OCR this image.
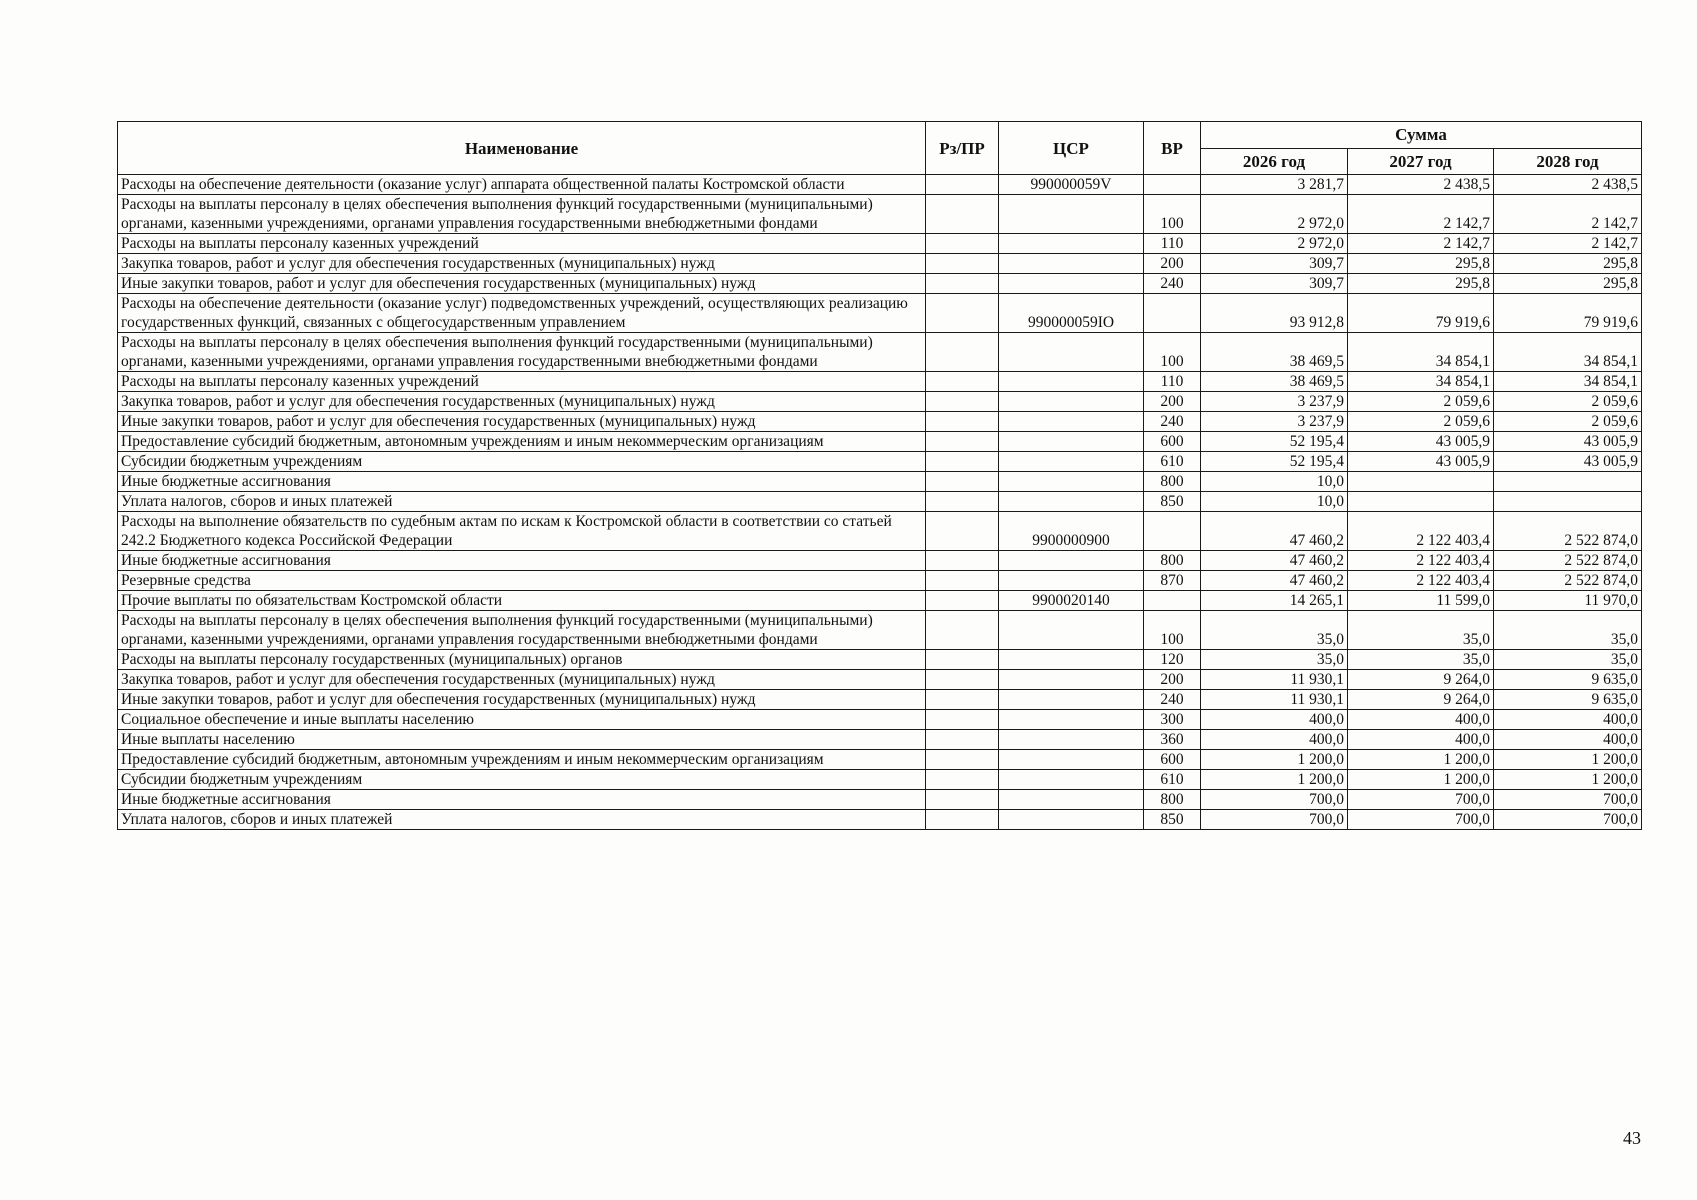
Наименование	Рз/ПР	ЦСР	ВР	Сумма		
				2026 год	2027 год	2028 год
Расходы на обеспечение деятельности (оказание услуг) аппарата общественной палаты Костромской области		990000059V		3 281,7	2 438,5	2 438,5
Расходы на выплаты персоналу в целях обеспечения выполнения функций государственными (муниципальными) органами, казенными учреждениями, органами управления государственными внебюджетными фондами			100	2 972,0	2 142,7	2 142,7
Расходы на выплаты персоналу казенных учреждений			110	2 972,0	2 142,7	2 142,7
Закупка товаров, работ и услуг для обеспечения государственных (муниципальных) нужд			200	309,7	295,8	295,8
Иные закупки товаров, работ и услуг для обеспечения государственных (муниципальных) нужд			240	309,7	295,8	295,8
Расходы на обеспечение деятельности (оказание услуг) подведомственных учреждений, осуществляющих реализацию государственных функций, связанных с общегосударственным управлением		990000059IO		93 912,8	79 919,6	79 919,6
Расходы на выплаты персоналу в целях обеспечения выполнения функций государственными (муниципальными) органами, казенными учреждениями, органами управления государственными внебюджетными фондами			100	38 469,5	34 854,1	34 854,1
Расходы на выплаты персоналу казенных учреждений			110	38 469,5	34 854,1	34 854,1
Закупка товаров, работ и услуг для обеспечения государственных (муниципальных) нужд			200	3 237,9	2 059,6	2 059,6
Иные закупки товаров, работ и услуг для обеспечения государственных (муниципальных) нужд			240	3 237,9	2 059,6	2 059,6
Предоставление субсидий бюджетным, автономным учреждениям и иным некоммерческим организациям			600	52 195,4	43 005,9	43 005,9
Субсидии бюджетным учреждениям			610	52 195,4	43 005,9	43 005,9
Иные бюджетные ассигнования			800	10,0		
Уплата налогов, сборов и иных платежей			850	10,0		
Расходы на выполнение обязательств по судебным актам по искам к Костромской области в соответствии со статьей 242.2 Бюджетного кодекса Российской Федерации		9900000900		47 460,2	2 122 403,4	2 522 874,0
Иные бюджетные ассигнования			800	47 460,2	2 122 403,4	2 522 874,0
Резервные средства			870	47 460,2	2 122 403,4	2 522 874,0
Прочие выплаты по обязательствам Костромской области		9900020140		14 265,1	11 599,0	11 970,0
Расходы на выплаты персоналу в целях обеспечения выполнения функций государственными (муниципальными) органами, казенными учреждениями, органами управления государственными внебюджетными фондами			100	35,0	35,0	35,0
Расходы на выплаты персоналу государственных (муниципальных) органов			120	35,0	35,0	35,0
Закупка товаров, работ и услуг для обеспечения государственных (муниципальных) нужд			200	11 930,1	9 264,0	9 635,0
Иные закупки товаров, работ и услуг для обеспечения государственных (муниципальных) нужд			240	11 930,1	9 264,0	9 635,0
Социальное обеспечение и иные выплаты населению			300	400,0	400,0	400,0
Иные выплаты населению			360	400,0	400,0	400,0
Предоставление субсидий бюджетным, автономным учреждениям и иным некоммерческим организациям			600	1 200,0	1 200,0	1 200,0
Субсидии бюджетным учреждениям			610	1 200,0	1 200,0	1 200,0
Иные бюджетные ассигнования			800	700,0	700,0	700,0
Уплата налогов, сборов и иных платежей			850	700,0	700,0	700,0
43
